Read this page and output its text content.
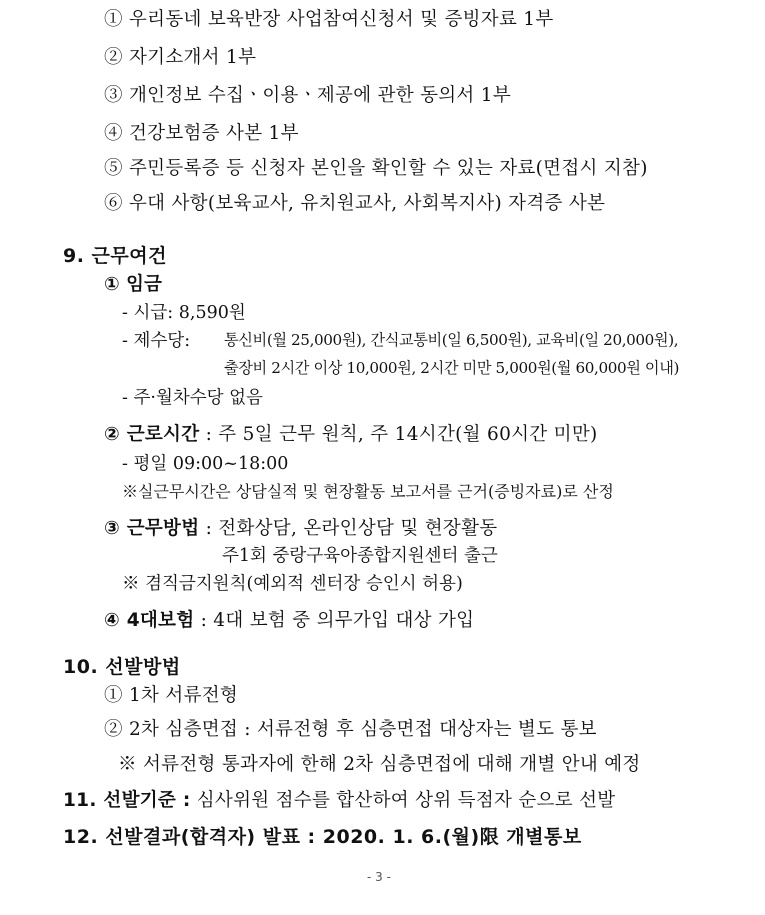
① 우리동네 보육반장 사업참여신청서 및 증빙자료 1부
② 자기소개서 1부
③ 개인정보 수집ㆍ이용ㆍ제공에 관한 동의서 1부
④ 건강보험증 사본 1부
⑤ 주민등록증 등 신청자 본인을 확인할 수 있는 자료(면접시 지참)
⑥ 우대 사항(보육교사, 유치원교사, 사회복지사) 자격증 사본
9. 근무여건
① 임금
- 시급: 8,590원
- 제수당: 통신비(월 25,000원), 간식교통비(일 6,500원), 교육비(일 20,000원),
출장비 2시간 이상 10,000원, 2시간 미만 5,000원(월 60,000원 이내)
- 주·월차수당 없음
② 근로시간 : 주 5일 근무 원칙, 주 14시간(월 60시간 미만)
- 평일 09:00~18:00
※실근무시간은 상담실적 및 현장활동 보고서를 근거(증빙자료)로 산정
③ 근무방법 : 전화상담, 온라인상담 및 현장활동
주1회 중랑구육아종합지원센터 출근
※ 겸직금지원칙(예외적 센터장 승인시 허용)
④ 4대보험 : 4대 보험 중 의무가입 대상 가입
10. 선발방법
① 1차 서류전형
② 2차 심층면접 : 서류전형 후 심층면접 대상자는 별도 통보
※ 서류전형 통과자에 한해 2차 심층면접에 대해 개별 안내 예정
11. 선발기준 : 심사위원 점수를 합산하여 상위 득점자 순으로 선발
12. 선발결과(합격자) 발표 : 2020. 1. 6.(월)限 개별통보
- 3 -
